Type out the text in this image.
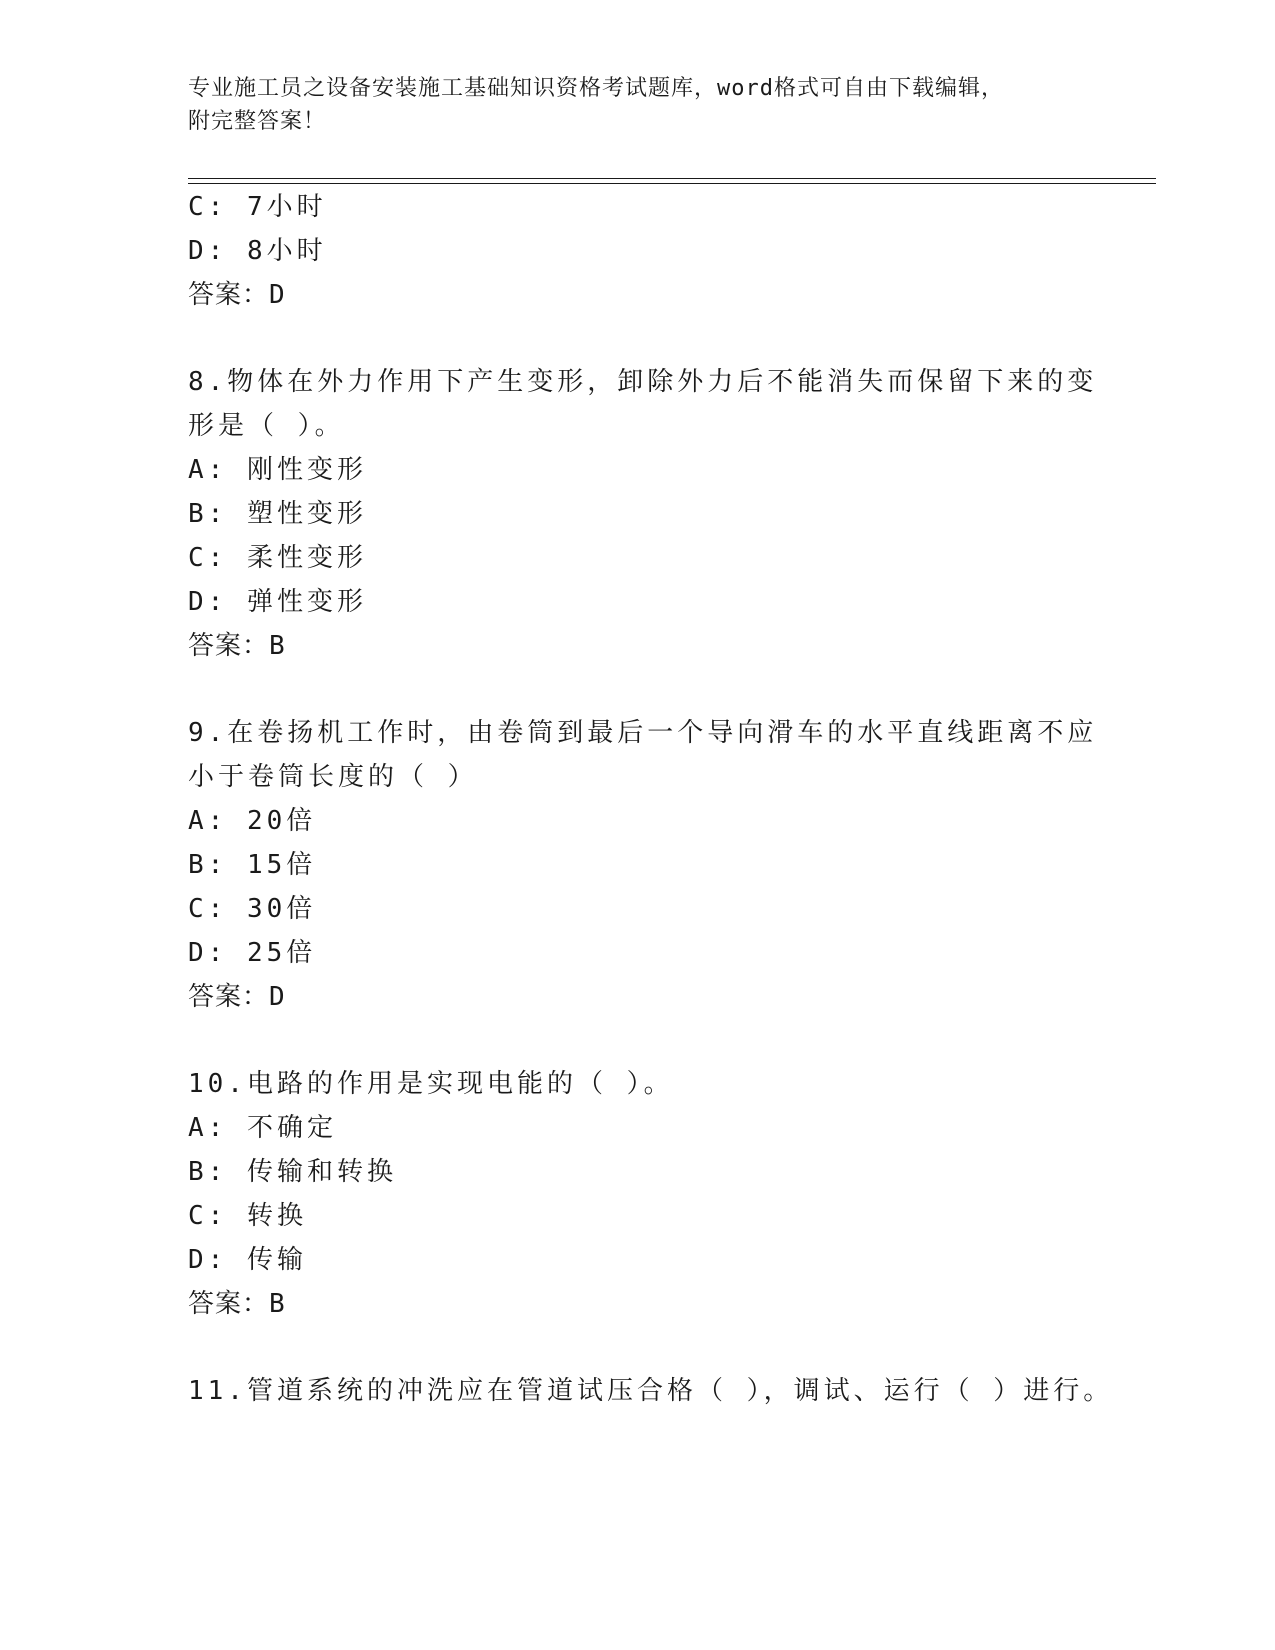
专业施工员之设备安装施工基础知识资格考试题库，word格式可自由下载编辑，
附完整答案！
C: 7小时
D: 8小时
答案：D
8.物体在外力作用下产生变形，卸除外力后不能消失而保留下来的变
形是（ ）。
A: 刚性变形
B: 塑性变形
C: 柔性变形
D: 弹性变形
答案：B
9.在卷扬机工作时，由卷筒到最后一个导向滑车的水平直线距离不应
小于卷筒长度的（ ）
A: 20倍
B: 15倍
C: 30倍
D: 25倍
答案：D
10.电路的作用是实现电能的（ ）。
A: 不确定
B: 传输和转换
C: 转换
D: 传输
答案：B
11.管道系统的冲洗应在管道试压合格（ ），调试、运行（ ）进行。
